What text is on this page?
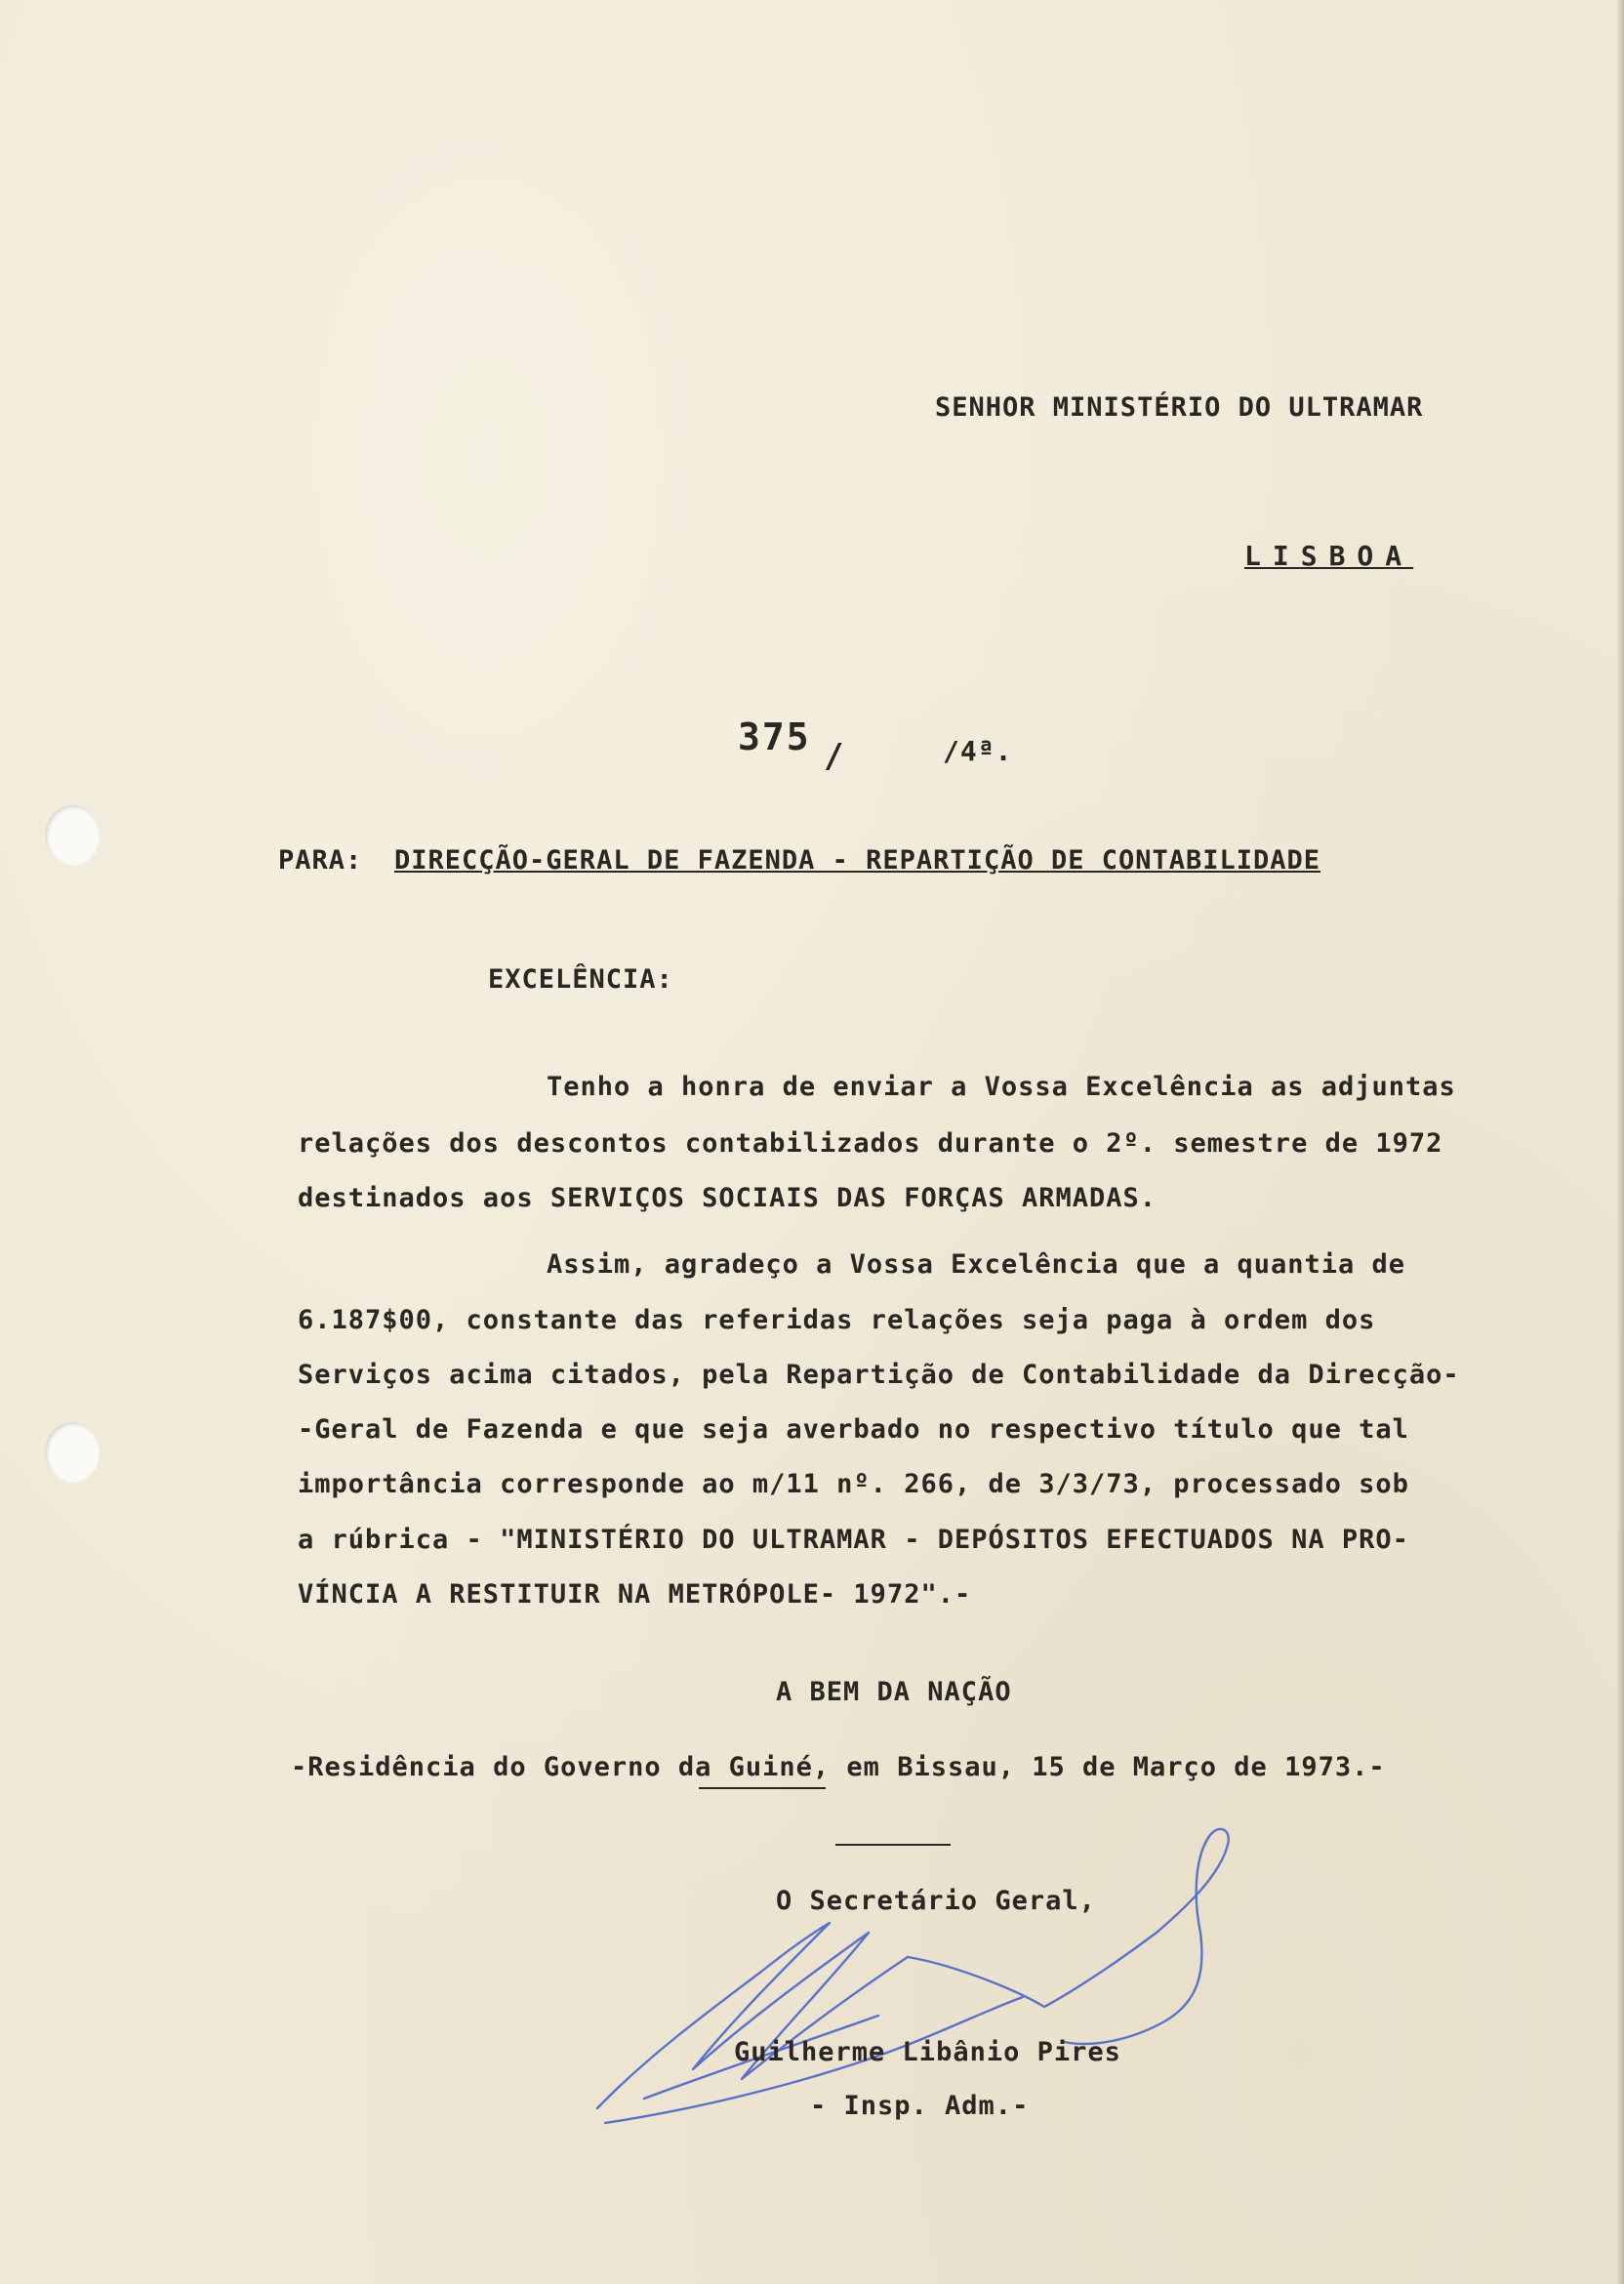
SENHOR MINISTÉRIO DO ULTRAMAR
LISBOA
375 /	/4ª.
PARA: DIRECÇÃO-GERAL DE FAZENDA - REPARTIÇÃO DE CONTABILIDADE
EXCELÊNCIA:
Tenho a honra de enviar a Vossa Excelência as adjuntas
relações dos descontos contabilizados durante o 2º. semestre de 1972
destinados aos SERVIÇOS SOCIAIS DAS FORÇAS ARMADAS.
Assim, agradeço a Vossa Excelência que a quantia de
6.187$00, constante das referidas relações seja paga à ordem dos
Serviços acima citados, pela Repartição de Contabilidade da Direcção-
-Geral de Fazenda e que seja averbado no respectivo título que tal
importância corresponde ao m/11 nº. 266, de 3/3/73, processado sob
a rúbrica - "MINISTÉRIO DO ULTRAMAR - DEPÓSITOS EFECTUADOS NA PRO-
VÍNCIA A RESTITUIR NA METRÓPOLE- 1972".-
A BEM DA NAÇÃO
-Residência do Governo da Guiné, em Bissau, 15 de Março de 1973.-
O Secretário Geral,
Guilherme Libânio Pires
- Insp. Adm.-
